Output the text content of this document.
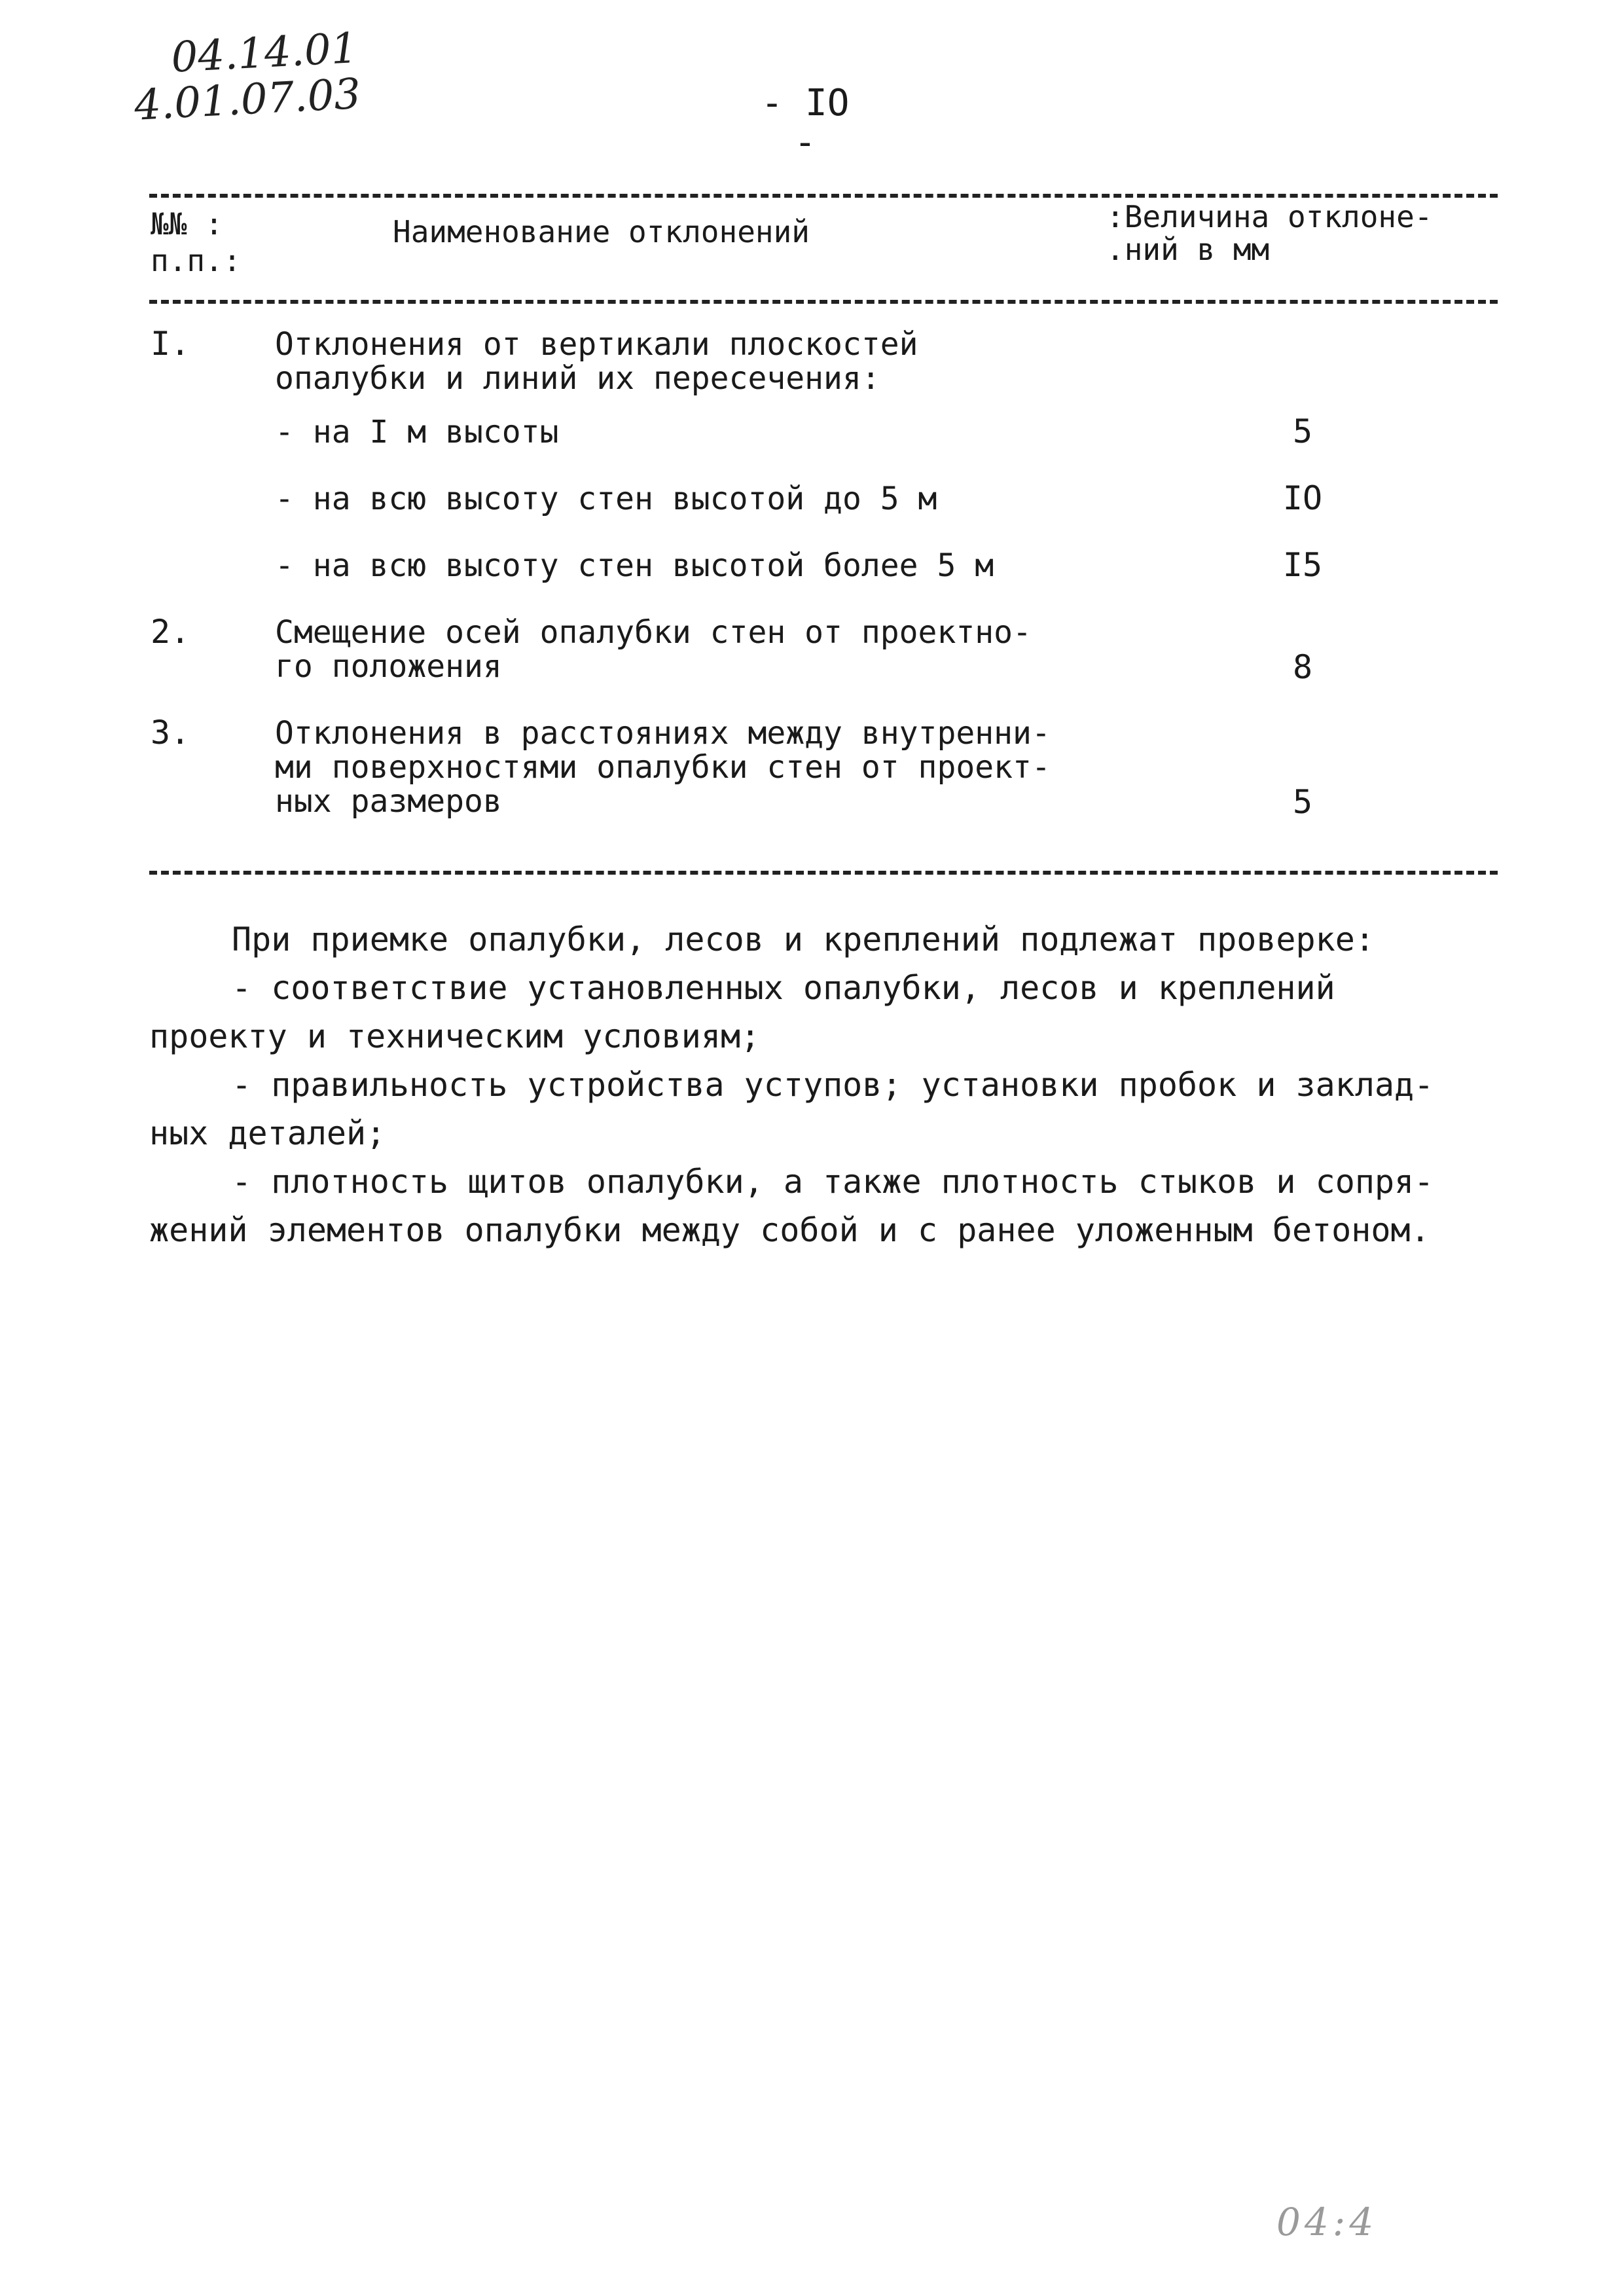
04.14.01
4.01.07.03	- IO -
№№ :
п.п.:
Наименование отклонений	:Величина отклоне-
.ний в мм
I.	Отклонения от вертикали плоскостей
опалубки и линий их пересечения:
- на I м высоты	5
- на всю высоту стен высотой до 5 м	IO
- на всю высоту стен высотой более 5 м	I5
2.	Смещение осей опалубки стен от проектно-
го положения	8
3.	Отклонения в расстояниях между внутренни-
ми поверхностями опалубки стен от проект-
ных размеров	5
При приемке опалубки, лесов и креплений подлежат проверке:
- соответствие установленных опалубки, лесов и креплений
проекту и техническим условиям;
- правильность устройства уступов; установки пробок и заклад-
ных деталей;
- плотность щитов опалубки, а также плотность стыков и сопря-
жений элементов опалубки между собой и с ранее уложенным бетоном.
04:4
